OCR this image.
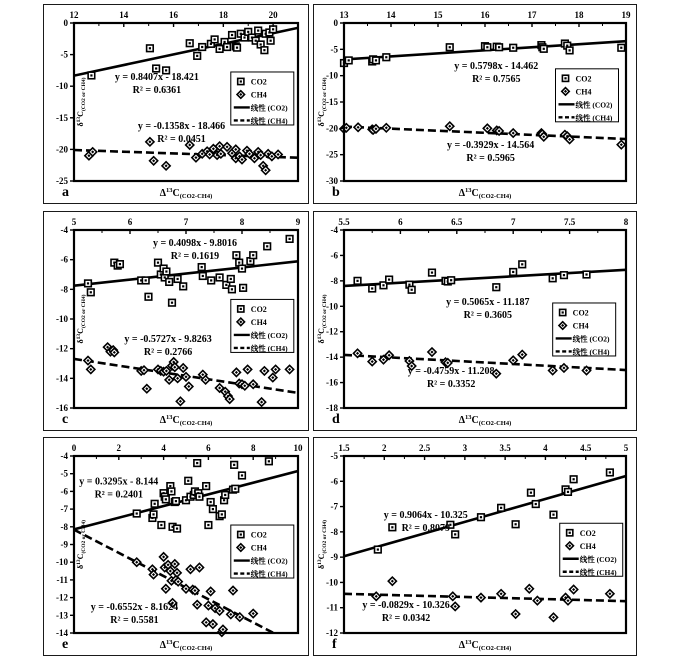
12	14	16	18	20
0
-5
-10
-15
-20
-25
y = 0.8407x - 18.421
R² = 0.6361
y = -0.1358x - 18.466
R² = 0.0451
CO2
CH4
线性 (CO2)
线性 (CH4)
$\Delta^{13}C_{(CO2-CH4)}$
$\delta^{13}C_{(CO2 or CH4)}$
a
13	14	15	16	17	18	19
0
-5
-10
-15
-20
-25
-30
y = 0.5798x - 14.462
R² = 0.7565
y = -0.3929x - 14.564
R² = 0.5965
CO2
CH4
线性 (CO2)
线性 (CH4)
$\Delta^{13}C_{(CO2-CH4)}$
$\delta^{13}C_{(CO2 or CH4)}$
b
5	6	7	8	9
-4
-6
-8
-10
-12
-14
-16
y = 0.4098x - 9.8016
R² = 0.1619
y = -0.5727x - 9.8263
R² = 0.2766
CO2
CH4
线性 (CO2)
线性 (CH4)
$\Delta^{13}C_{(CO2-CH4)}$
$\delta^{13}C_{(CO2 or CH4)}$
c
5.5	6	6.5	7	7.5	8
-4
-6
-8
-10
-12
-14
-16
-18
y = 0.5065x - 11.187
R² = 0.3605
y = -0.4759x - 11.208
R² = 0.3352
CO2
CH4
线性 (CO2)
线性 (CH4)
$\Delta^{13}C_{(CO2-CH4)}$
$\delta^{13}C_{(CO2 or CH4)}$
d
0	2	4	6	8	10
-4
-5
-6
-7
-8
-9
-10
-11
-12
-13
-14
y = 0.3295x - 8.144
R² = 0.2401
y = -0.6552x - 8.1624
R² = 0.5581
CO2
CH4
线性 (CO2)
线性 (CH4)
$\Delta^{13}C_{(CO2-CH4)}$
$\delta^{13}C_{(CO2 or CH4)}$
e
1.5	2	2.5	3	3.5	4	4.5	5
-5
-6
-7
-8
-9
-10
-11
-12
y = 0.9064x - 10.325
R² = 0.8079
y = -0.0829x - 10.326
R² = 0.0342
CO2
CH4
线性 (CO2)
线性 (CH4)
$\Delta^{13}C_{(CO2-CH4)}$
$\delta^{13}C_{(CO2 or CH4)}$
f
